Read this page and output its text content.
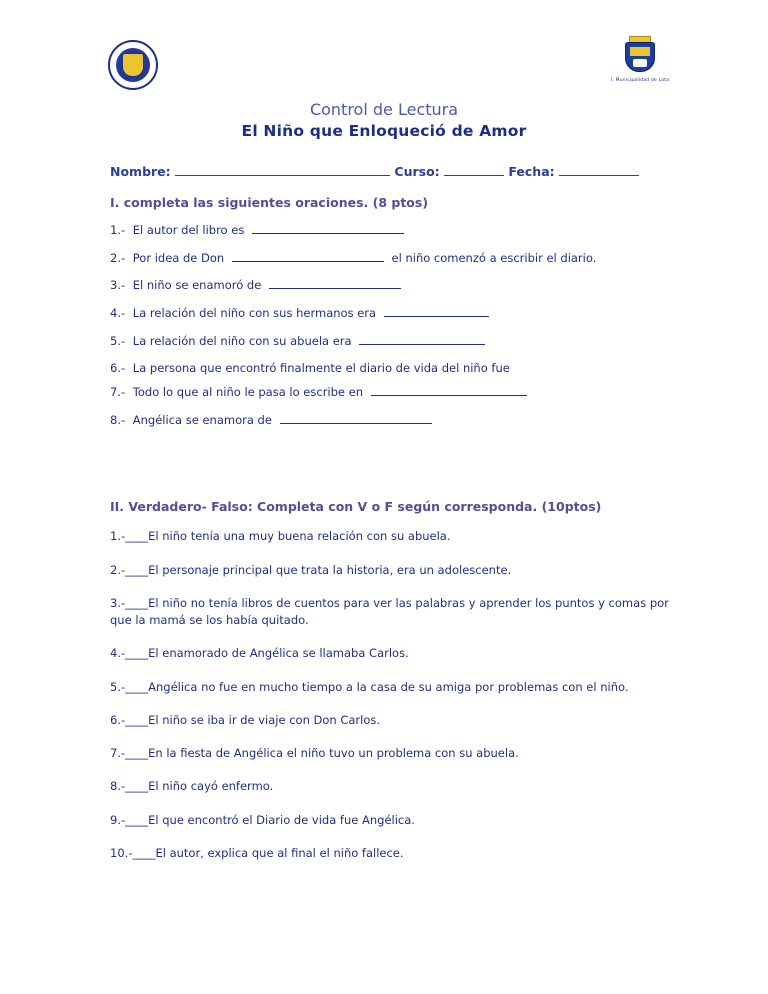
I. Municipalidad de Lota
Control de Lectura
El Niño que Enloqueció de Amor
Nombre:	Curso:	Fecha:
I. completa las siguientes oraciones. (8 ptos)
1.- El autor del libro es
2.- Por idea de Don	el niño comenzó a escribir el diario.
3.- El niño se enamoró de
4.- La relación del niño con sus hermanos era
5.- La relación del niño con su abuela era
6.- La persona que encontró finalmente el diario de vida del niño fue
7.- Todo lo que al niño le pasa lo escribe en
8.- Angélica se enamora de
II. Verdadero- Falso: Completa con V o F según corresponda. (10ptos)
1.-____El niño tenía una muy buena relación con su abuela.
2.-____El personaje principal que trata la historia, era un adolescente.
3.-____El niño no tenía libros de cuentos para ver las palabras y aprender los puntos y comas por que la mamá se los había quitado.
4.-____El enamorado de Angélica se llamaba Carlos.
5.-____Angélica no fue en mucho tiempo a la casa de su amiga por problemas con el niño.
6.-____El niño se iba ir de viaje con Don Carlos.
7.-____En la fiesta de Angélica el niño tuvo un problema con su abuela.
8.-____El niño cayó enfermo.
9.-____El que encontró el Diario de vida fue Angélica.
10.-____El autor, explica que al final el niño fallece.
